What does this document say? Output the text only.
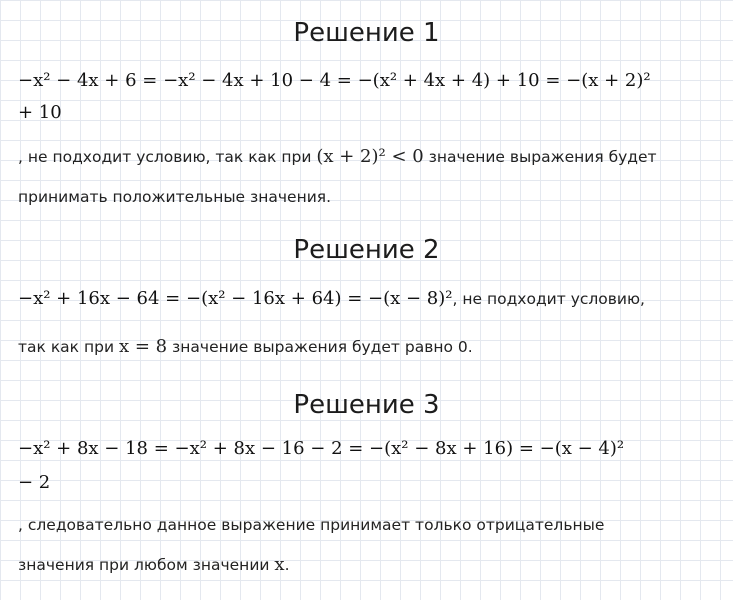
Решение 1
−x² − 4x + 6 = −x² − 4x + 10 − 4 = −(x² + 4x + 4) + 10 = −(x + 2)²
+ 10
, не подходит условию, так как при (x + 2)² < 0 значение выражения будет
принимать положительные значения.
Решение 2
−x² + 16x − 64 = −(x² − 16x + 64) = −(x − 8)², не подходит условию,
так как при x = 8 значение выражения будет равно 0.
Решение 3
−x² + 8x − 18 = −x² + 8x − 16 − 2 = −(x² − 8x + 16) = −(x − 4)²
− 2
, следовательно данное выражение принимает только отрицательные
значения при любом значении x.
